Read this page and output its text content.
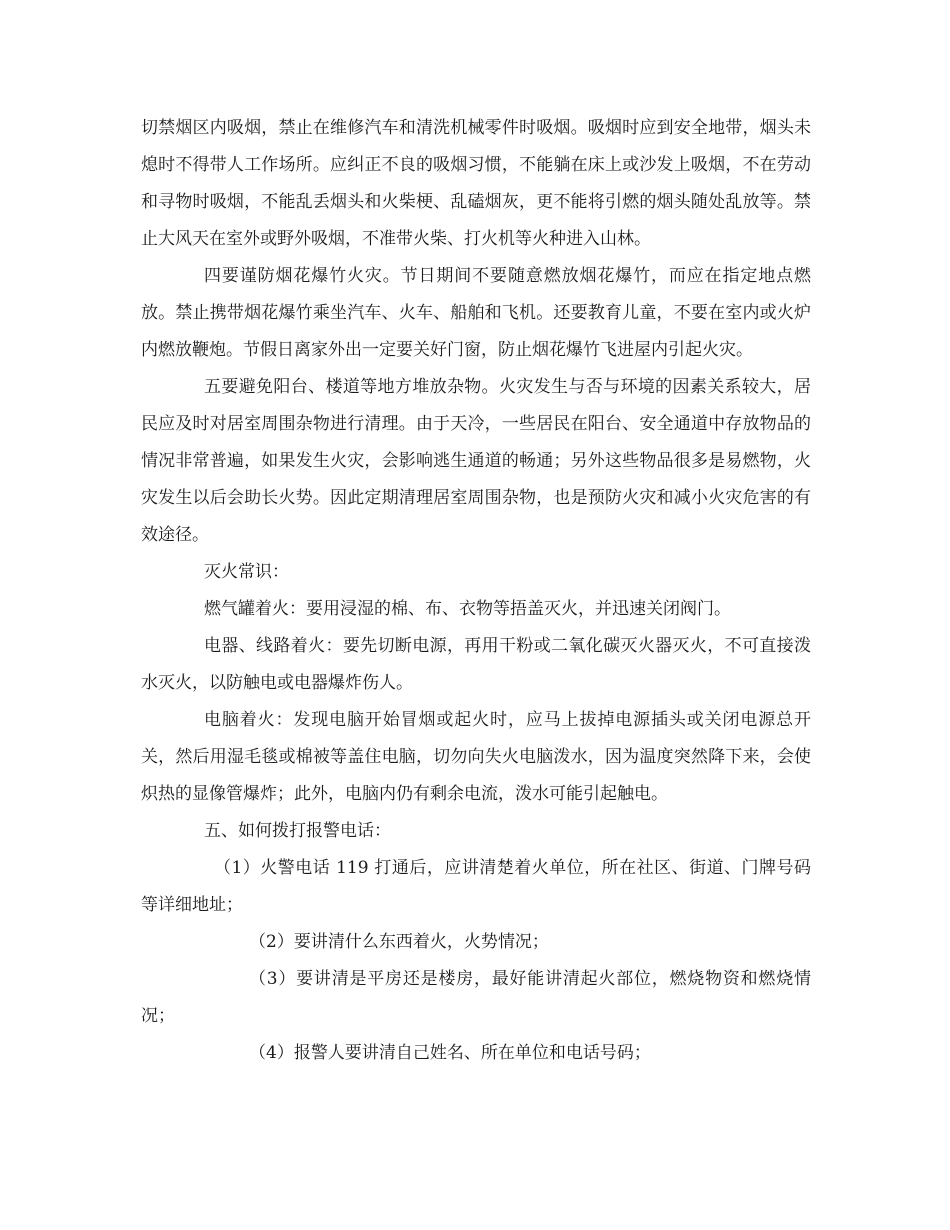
切禁烟区内吸烟，禁止在维修汽车和清洗机械零件时吸烟。吸烟时应到安全地带，烟头未熄时不得带人工作场所。应纠正不良的吸烟习惯，不能躺在床上或沙发上吸烟，不在劳动和寻物时吸烟，不能乱丢烟头和火柴梗、乱磕烟灰，更不能将引燃的烟头随处乱放等。禁止大风天在室外或野外吸烟，不准带火柴、打火机等火种进入山林。

四要谨防烟花爆竹火灾。节日期间不要随意燃放烟花爆竹，而应在指定地点燃放。禁止携带烟花爆竹乘坐汽车、火车、船舶和飞机。还要教育儿童，不要在室内或火炉内燃放鞭炮。节假日离家外出一定要关好门窗，防止烟花爆竹飞进屋内引起火灾。

五要避免阳台、楼道等地方堆放杂物。火灾发生与否与环境的因素关系较大，居民应及时对居室周围杂物进行清理。由于天冷，一些居民在阳台、安全通道中存放物品的情况非常普遍，如果发生火灾，会影响逃生通道的畅通；另外这些物品很多是易燃物，火灾发生以后会助长火势。因此定期清理居室周围杂物，也是预防火灾和减小火灾危害的有效途径。

灭火常识：

燃气罐着火：要用浸湿的棉、布、衣物等捂盖灭火，并迅速关闭阀门。

电器、线路着火：要先切断电源，再用干粉或二氧化碳灭火器灭火，不可直接泼水灭火，以防触电或电器爆炸伤人。

电脑着火：发现电脑开始冒烟或起火时，应马上拔掉电源插头或关闭电源总开关，然后用湿毛毯或棉被等盖住电脑，切勿向失火电脑泼水，因为温度突然降下来，会使炽热的显像管爆炸；此外，电脑内仍有剩余电流，泼水可能引起触电。

五、如何拨打报警电话：

（1）火警电话 119 打通后，应讲清楚着火单位，所在社区、街道、门牌号码等详细地址；

（2）要讲清什么东西着火，火势情况；

（3）要讲清是平房还是楼房，最好能讲清起火部位，燃烧物资和燃烧情况；

（4）报警人要讲清自己姓名、所在单位和电话号码；
